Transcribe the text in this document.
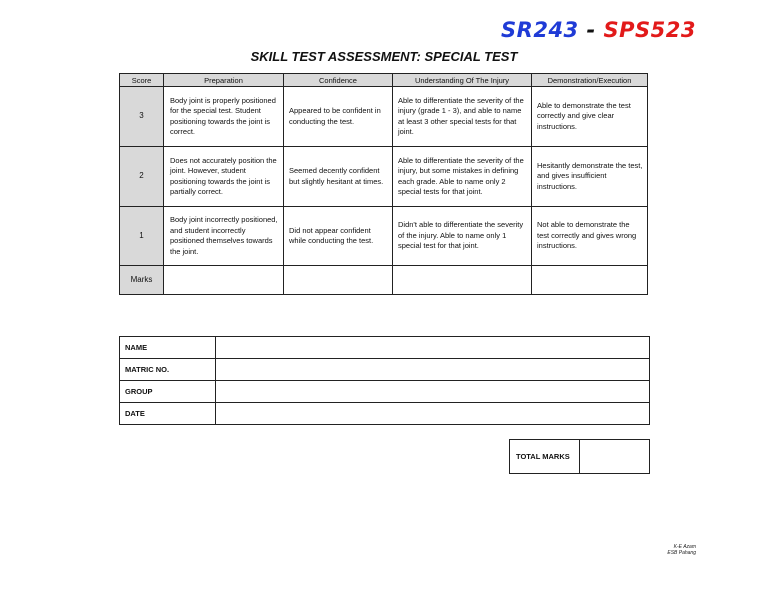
SR243 - SPS523
SKILL TEST ASSESSMENT: SPECIAL TEST
Score	Preparation	Confidence	Understanding Of The Injury	Demonstration/Execution
3	Body joint is properly positioned for the special test. Student positioning towards the joint is correct.	Appeared to be confident in conducting the test.	Able to differentiate the severity of the injury (grade 1 - 3), and able to name at least 3 other special tests for that joint.	Able to demonstrate the test correctly and give clear instructions.
2	Does not accurately position the joint. However, student positioning towards the joint is partially correct.	Seemed decently confident but slightly hesitant at times.	Able to differentiate the severity of the injury, but some mistakes in defining each grade. Able to name only 2 special tests for that joint.	Hesitantly demonstrate the test, and gives insufficient instructions.
1	Body joint incorrectly positioned, and student incorrectly positioned themselves towards the joint.	Did not appear confident while conducting the test.	Didn't able to differentiate the severity of the injury. Able to name only 1 special test for that joint.	Not able to demonstrate the test correctly and gives wrong instructions.
Marks				
NAME	
MATRIC NO.	
GROUP	
DATE	
TOTAL MARKS	
K-E Azam
ESB Pahang
